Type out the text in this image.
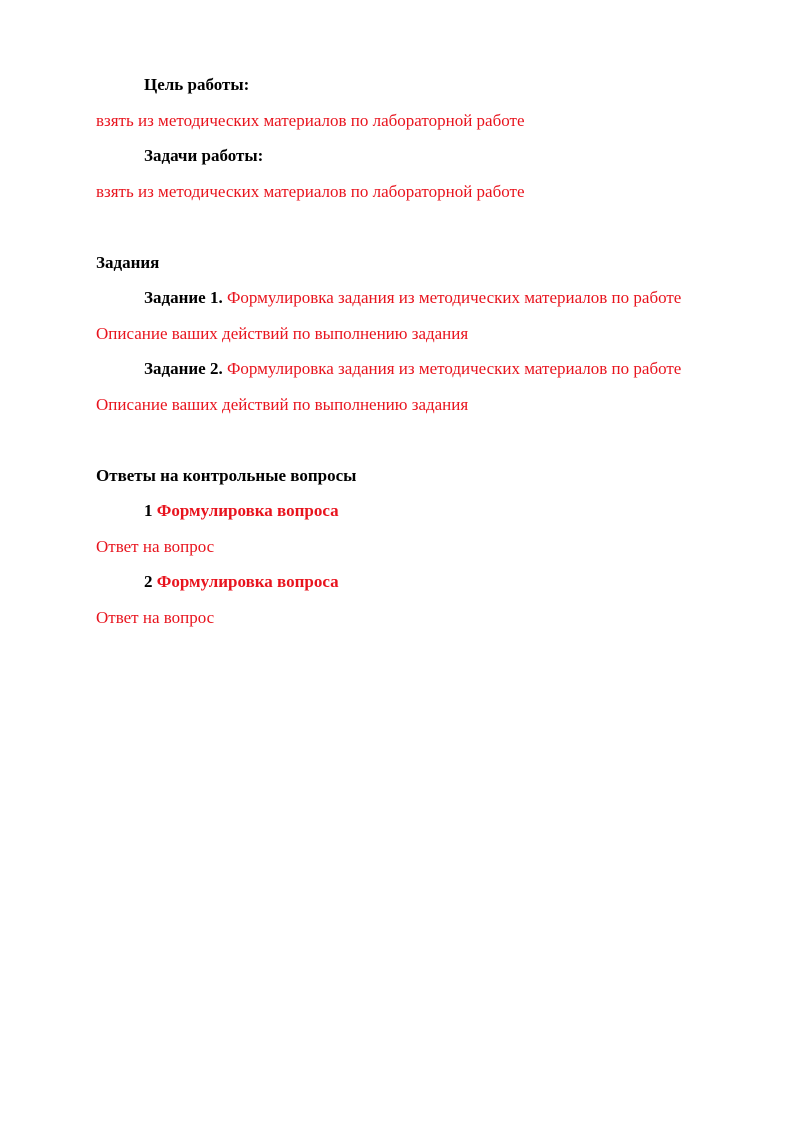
Цель работы:
взять из методических материалов по лабораторной работе
Задачи работы:
взять из методических материалов по лабораторной работе
Задания
Задание 1. Формулировка задания из методических материалов по работе
Описание ваших действий по выполнению задания
Задание 2. Формулировка задания из методических материалов по работе
Описание ваших действий по выполнению задания
Ответы на контрольные вопросы
1 Формулировка вопроса
Ответ на вопрос
2 Формулировка вопроса
Ответ на вопрос
